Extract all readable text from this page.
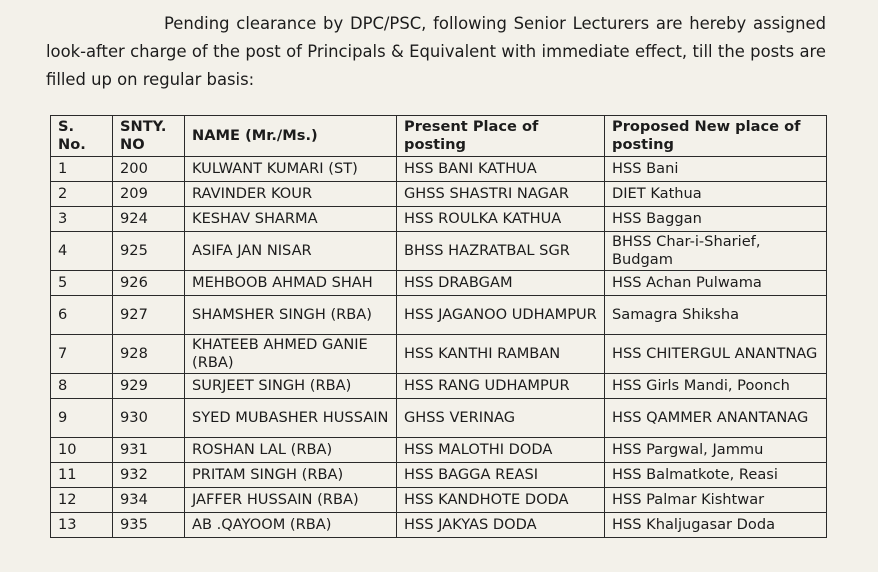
Pending clearance by DPC/PSC, following Senior Lecturers are hereby assigned look-after charge of the post of Principals & Equivalent with immediate effect, till the posts are filled up on regular basis:

S. No.	SNTY. NO	NAME (Mr./Ms.)	Present Place of posting	Proposed New place of posting
1	200	KULWANT KUMARI (ST)	HSS BANI KATHUA	HSS Bani
2	209	RAVINDER KOUR	GHSS SHASTRI NAGAR	DIET Kathua
3	924	KESHAV SHARMA	HSS ROULKA KATHUA	HSS Baggan
4	925	ASIFA JAN NISAR	BHSS HAZRATBAL SGR	BHSS Char-i-Sharief, Budgam
5	926	MEHBOOB AHMAD SHAH	HSS DRABGAM	HSS Achan Pulwama
6	927	SHAMSHER SINGH (RBA)	HSS JAGANOO UDHAMPUR	Samagra Shiksha
7	928	KHATEEB AHMED GANIE (RBA)	HSS KANTHI RAMBAN	HSS CHITERGUL ANANTNAG
8	929	SURJEET SINGH (RBA)	HSS RANG UDHAMPUR	HSS Girls Mandi, Poonch
9	930	SYED MUBASHER HUSSAIN	GHSS VERINAG	HSS QAMMER ANANTANAG
10	931	ROSHAN LAL (RBA)	HSS MALOTHI DODA	HSS Pargwal, Jammu
11	932	PRITAM SINGH (RBA)	HSS BAGGA REASI	HSS Balmatkote, Reasi
12	934	JAFFER HUSSAIN (RBA)	HSS KANDHOTE DODA	HSS Palmar Kishtwar
13	935	AB .QAYOOM (RBA)	HSS JAKYAS DODA	HSS Khaljugasar Doda
